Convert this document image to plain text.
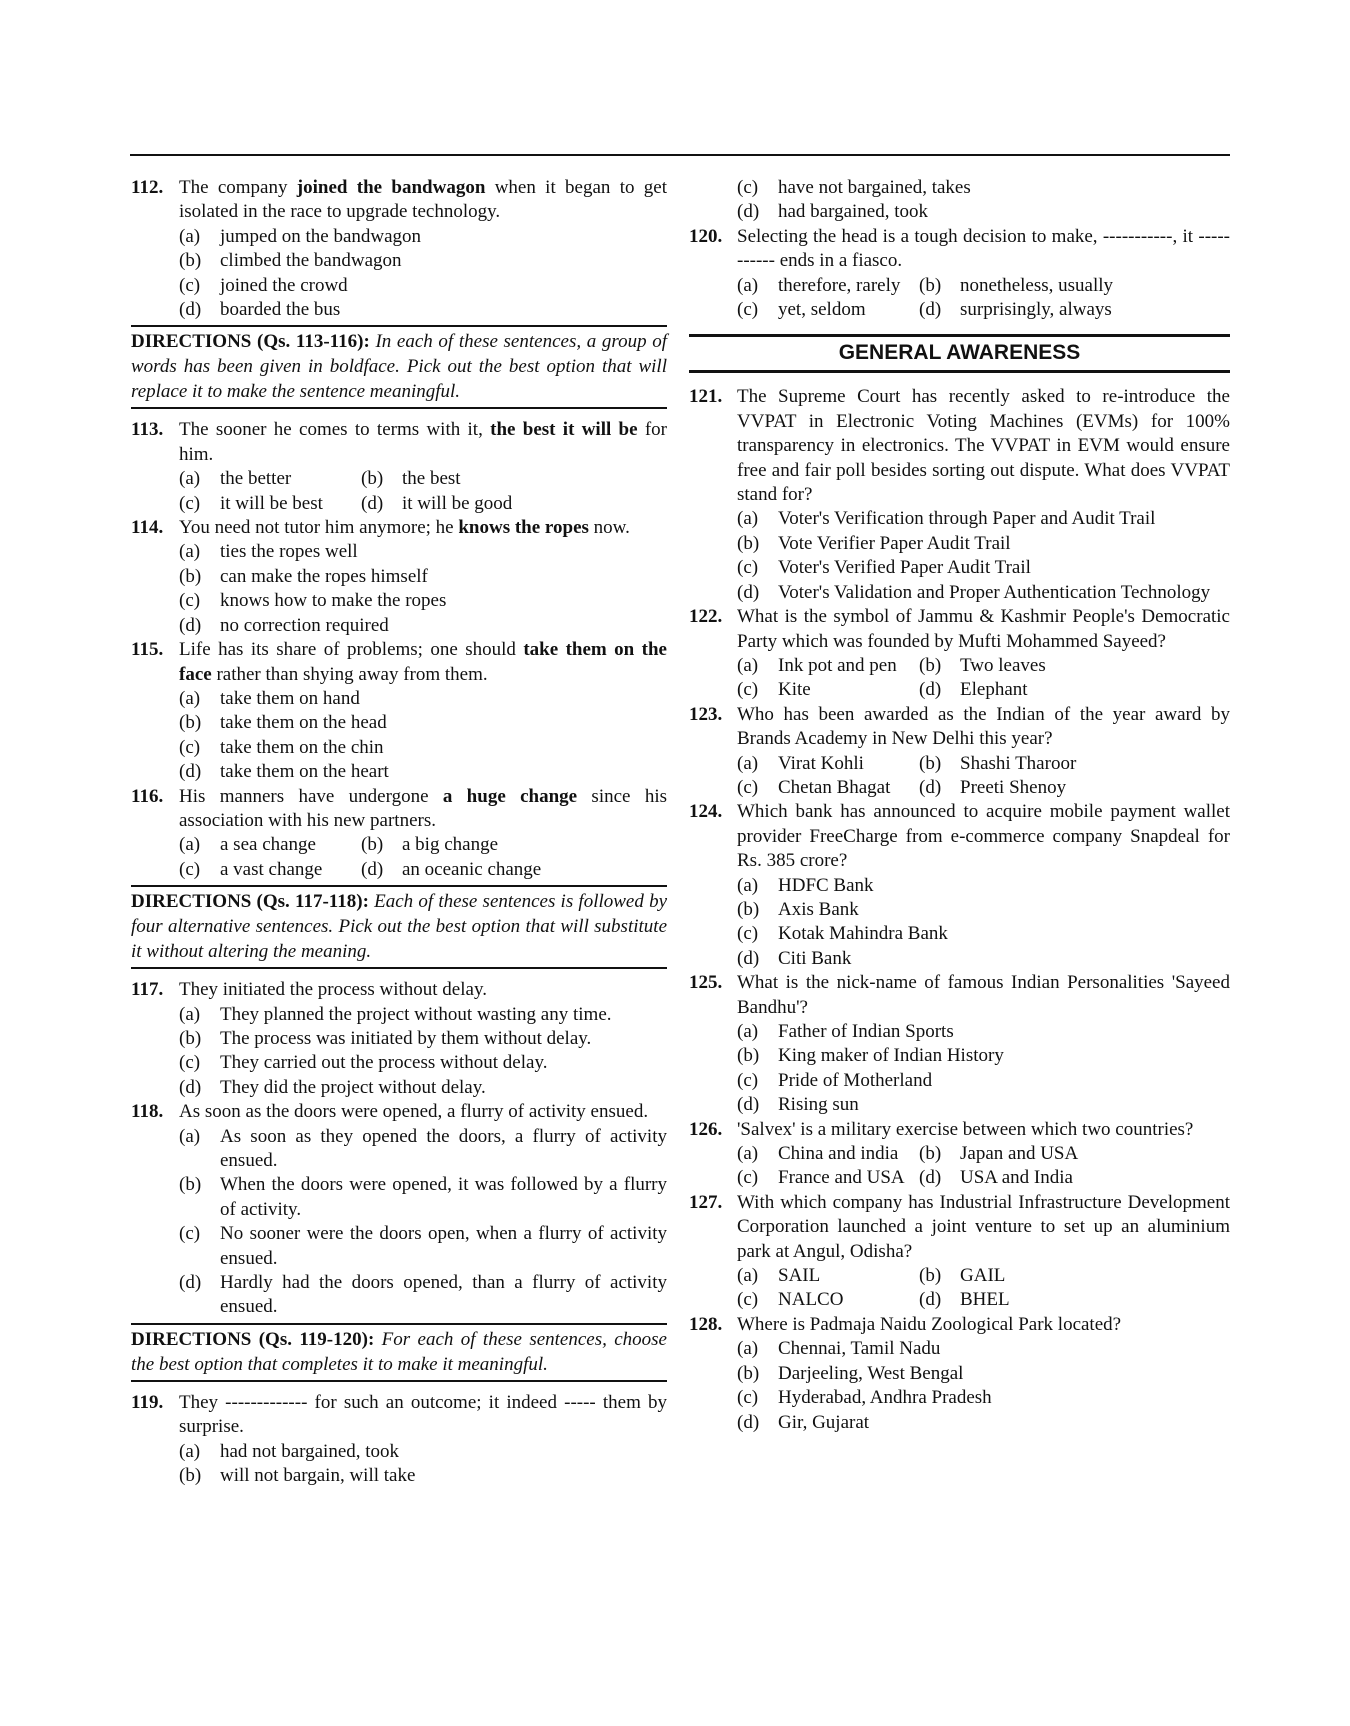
112. The company joined the bandwagon when it began to get isolated in the race to upgrade technology.
(a) jumped on the bandwagon
(b) climbed the bandwagon
(c) joined the crowd
(d) boarded the bus
DIRECTIONS (Qs. 113-116): In each of these sentences, a group of words has been given in boldface. Pick out the best option that will replace it to make the sentence meaningful.
113. The sooner he comes to terms with it, the best it will be for him.
(a) the better	(b) the best
(c) it will be best	(d) it will be good
114. You need not tutor him anymore; he knows the ropes now.
(a) ties the ropes well
(b) can make the ropes himself
(c) knows how to make the ropes
(d) no correction required
115. Life has its share of problems; one should take them on the face rather than shying away from them.
(a) take them on hand
(b) take them on the head
(c) take them on the chin
(d) take them on the heart
116. His manners have undergone a huge change since his association with his new partners.
(a) a sea change	(b) a big change
(c) a vast change	(d) an oceanic change
DIRECTIONS (Qs. 117-118): Each of these sentences is followed by four alternative sentences. Pick out the best option that will substitute it without altering the meaning.
117. They initiated the process without delay.
(a) They planned the project without wasting any time.
(b) The process was initiated by them without delay.
(c) They carried out the process without delay.
(d) They did the project without delay.
118. As soon as the doors were opened, a flurry of activity ensued.
(a) As soon as they opened the doors, a flurry of activity ensued.
(b) When the doors were opened, it was followed by a flurry of activity.
(c) No sooner were the doors open, when a flurry of activity ensued.
(d) Hardly had the doors opened, than a flurry of activity ensued.
DIRECTIONS (Qs. 119-120): For each of these sentences, choose the best option that completes it to make it meaningful.
119. They ------------- for such an outcome; it indeed ----- them by surprise.
(a) had not bargained, took
(b) will not bargain, will take
(c) have not bargained, takes
(d) had bargained, took
120. Selecting the head is a tough decision to make, -----------, it ----------- ends in a fiasco.
(a) therefore, rarely (b) nonetheless, usually
(c) yet, seldom	(d) surprisingly, always
GENERAL AWARENESS
121. The Supreme Court has recently asked to re-introduce the VVPAT in Electronic Voting Machines (EVMs) for 100% transparency in electronics. The VVPAT in EVM would ensure free and fair poll besides sorting out dispute. What does VVPAT stand for?
(a) Voter's Verification through Paper and Audit Trail
(b) Vote Verifier Paper Audit Trail
(c) Voter's Verified Paper Audit Trail
(d) Voter's Validation and Proper Authentication Technology
122. What is the symbol of Jammu & Kashmir People's Democratic Party which was founded by Mufti Mohammed Sayeed?
(a) Ink pot and pen	(b) Two leaves
(c) Kite	(d) Elephant
123. Who has been awarded as the Indian of the year award by Brands Academy in New Delhi this year?
(a) Virat Kohli	(b) Shashi Tharoor
(c) Chetan Bhagat	(d) Preeti Shenoy
124. Which bank has announced to acquire mobile payment wallet provider FreeCharge from e-commerce company Snapdeal for Rs. 385 crore?
(a) HDFC Bank
(b) Axis Bank
(c) Kotak Mahindra Bank
(d) Citi Bank
125. What is the nick-name of famous Indian Personalities 'Sayeed Bandhu'?
(a) Father of Indian Sports
(b) King maker of Indian History
(c) Pride of Motherland
(d) Rising sun
126. 'Salvex' is a military exercise between which two countries?
(a) China and india	(b) Japan and USA
(c) France and USA (d) USA and India
127. With which company has Industrial Infrastructure Development Corporation launched a joint venture to set up an aluminium park at Angul, Odisha?
(a) SAIL	(b) GAIL
(c) NALCO	(d) BHEL
128. Where is Padmaja Naidu Zoological Park located?
(a) Chennai, Tamil Nadu
(b) Darjeeling, West Bengal
(c) Hyderabad, Andhra Pradesh
(d) Gir, Gujarat
